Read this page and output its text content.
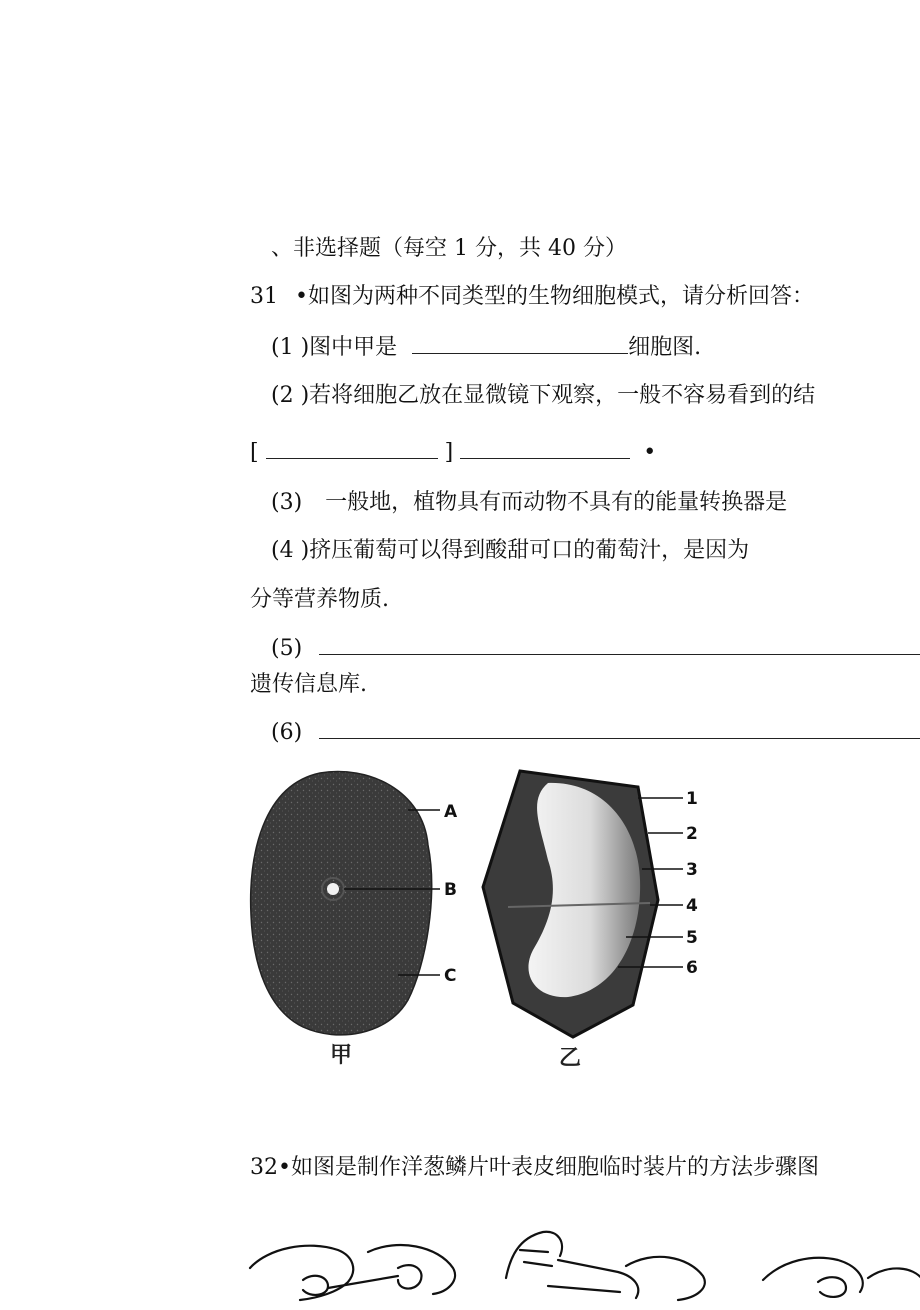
、非选择题（每空 1 分，共 40 分）
31 •如图为两种不同类型的生物细胞模式，请分析回答：
(1 )图中甲是	细胞图.
(2 )若将细胞乙放在显微镜下观察，一般不容易看到的结
[	]	•
(3) 一般地，植物具有而动物不具有的能量转换器是
(4 )挤压葡萄可以得到酸甜可口的葡萄汁，是因为
分等营养物质.
(5)
遗传信息库.
(6)
A
B
C
甲
1
2
3
4
5
6
乙
32•如图是制作洋葱鳞片叶表皮细胞临时装片的方法步骤图
